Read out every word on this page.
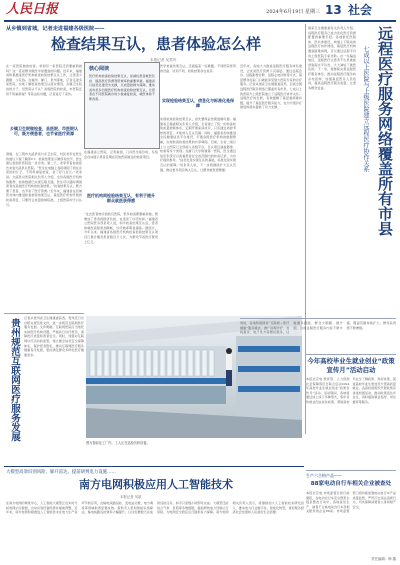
人民日报	2024年6月19日 星期三 13 社会
从乡镇到省城，记者走进福建各级医院——
检查结果互认，患者体验怎么样
本报记者 吴君玲
在一家医院做的检查，拿到另一家医院还需要重新做吗？这一直是群众就医中常遇到的问题。近年来，福建省积极推进医疗机构检查检验结果互认工作，让患者少跑腿、少花钱。在福州、厦门、泉州等地，记者走进多家医院，实地了解检查结果互认落实情况。乡镇卫生院拍的片子，县医院认不认？省级医院的检查，市医院还用不用重新做？带着这些问题，记者进行了采访。
乡镇卫生院做检查，县医院、市医院认可，既方便患者，也节省医疗资源
清晨，在三明市尤溪县汤川乡卫生院，村民老李在医生的建议下做了胸部CT。检查结果显示肺部有结节，医生建议他到县医院进一步诊治。第二天，老李带着检查报告来到尤溪县总医院。“医生在电脑上直接调阅了我在乡里拍的片子，不用再重复检查，省了好几百元。”老李说。尤溪县总医院相关负责人介绍，全县各级医疗机构的影像、检验数据已实现互联互通，医生可以随时调阅患者在其他医疗机构的检查结果。“检查结果互认，既方便了患者，也节省了医疗资源。”近年来，福建省在县域医共体内推进检查检验结果互认，基层医疗机构开展的检查项目，只要符合质量控制标准，上级医院均予以认可。
核心阅读
医疗机构检查检验结果互认，是减轻患者就医负担、提高医疗资源利用效率的重要举措。福建省以信息化建设为支撑，以质量控制为保障，推动省市县乡四级医疗机构检查检验结果互认，让患者在不同医院就诊时少做重复检查，就医体验不断改善。
在福建省立医院，记者看到，门诊医生接诊时，系统会自动提示患者近期在其他医院做过的检查项目。
医疗机构间检验结果互认，有利于提升群众就医获得感
“过去患者转诊到我们医院，很多检查都要重新做，既增加了患者的经济负担，也延误了诊疗时间。”福建省立医院医务部负责人说，如今检查结果互认后，患者的就医流程更加顺畅，诊疗效率明显提高。据统计，今年以来，福建省各级医疗机构检查检验结果互认项目已累计惠及患者数百万人次，为群众节省医疗费用上亿元。
医学检查结果互认，还面临着一些难题。不同医院使用的设备、试剂不同，检验结果存在差异。
实现检验结果互认，信息化与标准化是保障
实现检查检验结果互认，首先要保证结果准确可靠。福建省卫健委相关负责人介绍，全省建立了统一的检查检验质量控制体系，定期开展室间质评，只有通过质控考核的项目，才能纳入互认范围。同时，福建省加快推进全民健康信息平台建设，打通各级医疗机构的数据壁垒，实现检查检验结果的共享调阅。目前，全省二级以上公立医院已全部接入省级平台，互认项目涵盖影像、检验等多个类别。在厦门大学附属第一医院，医生通过信息系统可以查看患者在全省范围内的检查记录，为诊疗提供参考。“信息化是实现互认的基础，标准化是实现互认的保障。”该负责人说，下一步将继续扩大互认范围，推动更多项目纳入互认，让群众就医更便捷。
近年来，各地大力推进远程医疗服务体系建设，让优质医疗资源下沉基层。通过远程会诊、远程影像诊断、远程心电诊断等方式，基层群众在家门口就能享受到大医院专家的诊疗服务。记者从国家卫生健康委获悉，目前全国远程医疗服务网络已覆盖所有市县，七成以上的医院与上级医院建立了远程医疗协作关系。远程医疗的发展，有效缓解了基层看病难问题，提升了基层医疗服务能力，也为分级诊疗制度的落实提供了有力支撑。
国家卫生健康委有关负责人介绍，远程医疗服务已成为优化医疗资源配置的重要手段。各地依托医联体、医共体建设，构建上下联动的远程医疗协作网络，基层医疗机构遇到疑难病例，可以通过远程平台向上级医院专家求助。在一些偏远地区，远程医疗让患者不出县就能得到高水平诊治，大大减轻了就医负担。下一步，将继续完善远程医疗服务体系，推动远程医疗服务向乡村延伸，加强基层医务人员培训，提高远程医疗服务质量，让更多群众受益。	远程医疗服务网络覆盖所有市县
七成以上医院与上级医院建立远程医疗协作关系
记者从贵州省卫生健康委获悉，贵州近日出台相关规范性文件，进一步规范互联网医疗服务发展。文件明确，互联网医院应当依托实体医疗机构设置，严格执行诊疗规范，保障医疗质量和患者安全。同时，加强对互联网诊疗活动的监管，建立健全信息安全保障体系，保护患者隐私，推动互联网医疗服务健康有序发展，更好满足群众多样化医疗健康需求。
贵州规范互联网医疗服务发展
图为智能化工厂内，工人正在巡检纺织设备。
大模型高效识别风险，躲开雷达，提前研判电力设施……
南方电网积极应用人工智能技术
本报记者 吴斌
在南方电网的调度中心，人工智能大模型正在实时分析电网运行数据，自动识别设备隐患并提前预警。近年来，南方电网积极推进人工智能技术在电力生产各环节的应用，在输电线路巡检、变电站运维、电力调度等领域取得显著成效。借助无人机和智能识别算法，输电线路巡检效率大幅提升，以往需要数天完成的巡检任务，如今只需数小时即可完成。大模型还能综合气象、负荷等多维数据，提前研判电力设施运行风险，为电网安全稳定运行提供有力保障。南方电网相关负责人表示，将继续加大人工智能技术研发投入，推动电力行业数字化、智能化转型，更好服务经济社会发展和人民美好生活需要。
同时，各地积极探索“互联网＋医疗健康”服务模式，推广远程诊疗、在线复诊、电子处方等便民服务，让数据多跑路、群众少跑腿。据介绍，目前远程医疗服务内容不断丰富，覆盖范围持续扩大，群众获得感不断增强。
今年高校毕业生就业创业“政策宣传月”活动启动
本报北京电 教育部、人力资源社会保障部近日联合启动2024年高校毕业生就业创业“政策宣传月”活动。活动期间，各地将通过线上线下多种形式，集中宣传就业创业扶持政策，帮助高校毕业生了解政策、用好政策，促进高校毕业生更加充分更高质量就业。各高校将组织开展政策宣讲进校园活动，推动政策直达毕业生，同时提供就业指导、岗位推荐等服务。
生产六合格产品——
88家电动自行车相关企业被查处
本报北京电 市场监管总局日前通报，在电动自行车安全隐患全链条整治行动中，各地查处生产、销售不合格电动自行车及相关配件的企业88家。市场监管部门将持续加强电动自行车产品质量监管，严厉打击违法违规行为，切实保障消费者人身和财产安全。
责任编辑：韩 鑫
